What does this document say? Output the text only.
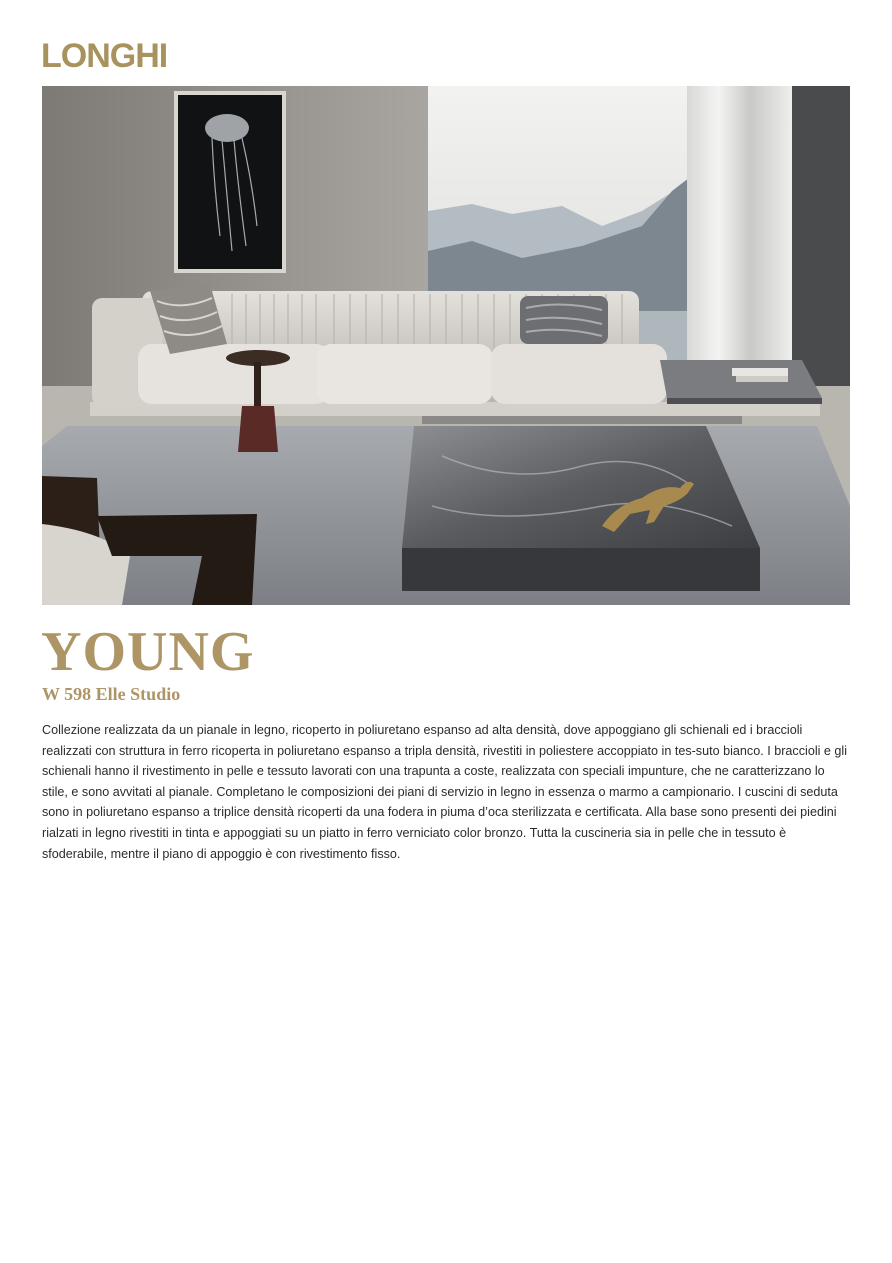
LONGHI
YOUNG
W 598 Elle Studio

Collezione realizzata da un pianale in legno, ricoperto in poliuretano espanso ad alta densità, dove appoggiano gli schienali ed i braccioli realizzati con struttura in ferro ricoperta in poliuretano espanso a tripla densità, rivestiti in poliestere accoppiato in tes-suto bianco. I braccioli e gli schienali hanno il rivestimento in pelle e tessuto lavorati con una trapunta a coste, realizzata con speciali impunture, che ne caratterizzano lo stile, e sono avvitati al pianale. Completano le composizioni dei piani di servizio in legno in essenza o marmo a campionario. I cuscini di seduta sono in poliuretano espanso a triplice densità ricoperti da una fodera in piuma d’oca sterilizzata e certificata. Alla base sono presenti dei piedini rialzati in legno rivestiti in tinta e appoggiati su un piatto in ferro verniciato color bronzo. Tutta la cuscineria sia in pelle che in tessuto è sfoderabile, mentre il piano di appoggio è con rivestimento fisso.
